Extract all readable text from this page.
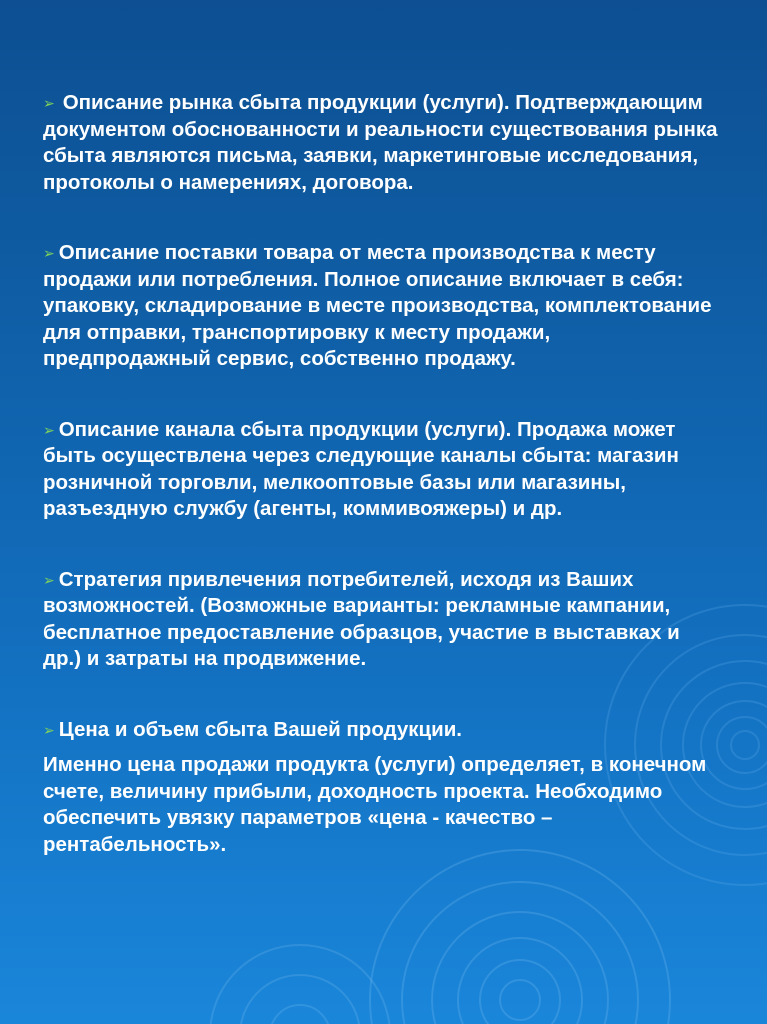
➢ Описание рынка сбыта продукции (услуги). Подтверждающим документом обоснованности и реальности существования рынка сбыта являются письма, заявки, маркетинговые исследования, протоколы о намерениях, договора.

➢ Описание поставки товара от места производства к месту продажи или потребления. Полное описание включает в себя: упаковку, складирование в месте производства, комплектование для отправки, транспортировку к месту продажи, предпродажный сервис, собственно продажу.

➢ Описание канала сбыта продукции (услуги). Продажа может быть осуществлена через следующие каналы сбыта: магазин розничной торговли, мелкооптовые базы или магазины, разъездную службу (агенты, коммивояжеры) и др.

➢ Стратегия привлечения потребителей, исходя из Ваших возможностей. (Возможные варианты: рекламные кампании, бесплатное предоставление образцов, участие в выставках и др.) и затраты на продвижение.

➢ Цена и объем сбыта Вашей продукции.

Именно цена продажи продукта (услуги) определяет, в конечном счете, величину прибыли, доходность проекта. Необходимо обеспечить увязку параметров «цена - качество – рентабельность».
